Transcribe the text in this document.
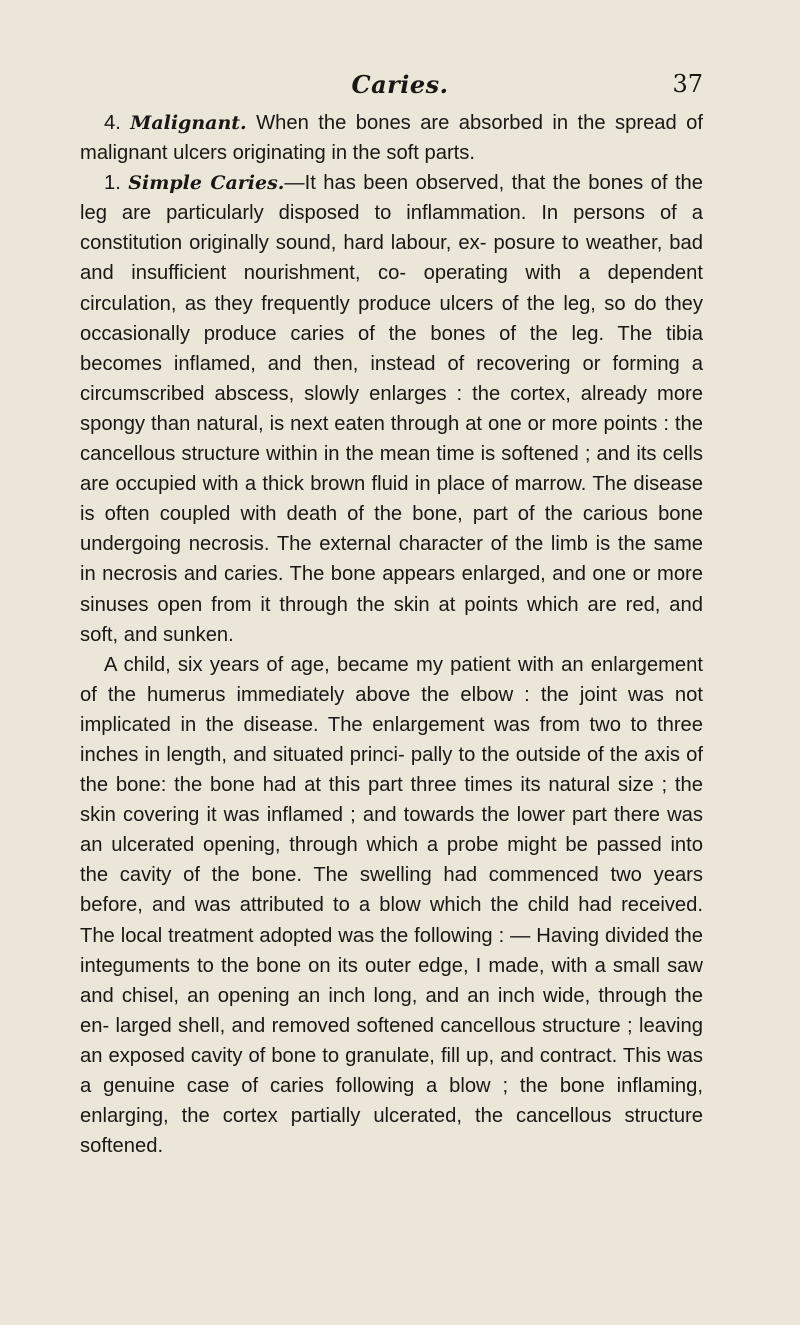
Caries.	37

4. Malignant. When the bones are absorbed in the spread of malignant ulcers originating in the soft parts.

1. Simple Caries.—It has been observed, that the bones of the leg are particularly disposed to inflammation. In persons of a constitution originally sound, hard labour, ex- posure to weather, bad and insufficient nourishment, co- operating with a dependent circulation, as they frequently produce ulcers of the leg, so do they occasionally produce caries of the bones of the leg. The tibia becomes inflamed, and then, instead of recovering or forming a circumscribed abscess, slowly enlarges : the cortex, already more spongy than natural, is next eaten through at one or more points : the cancellous structure within in the mean time is softened ; and its cells are occupied with a thick brown fluid in place of marrow. The disease is often coupled with death of the bone, part of the carious bone undergoing necrosis. The external character of the limb is the same in necrosis and caries. The bone appears enlarged, and one or more sinuses open from it through the skin at points which are red, and soft, and sunken.

A child, six years of age, became my patient with an enlargement of the humerus immediately above the elbow : the joint was not implicated in the disease. The enlargement was from two to three inches in length, and situated princi- pally to the outside of the axis of the bone: the bone had at this part three times its natural size ; the skin covering it was inflamed ; and towards the lower part there was an ulcerated opening, through which a probe might be passed into the cavity of the bone. The swelling had commenced two years before, and was attributed to a blow which the child had received. The local treatment adopted was the following : — Having divided the integuments to the bone on its outer edge, I made, with a small saw and chisel, an opening an inch long, and an inch wide, through the en- larged shell, and removed softened cancellous structure ; leaving an exposed cavity of bone to granulate, fill up, and contract. This was a genuine case of caries following a blow ; the bone inflaming, enlarging, the cortex partially ulcerated, the cancellous structure softened.
